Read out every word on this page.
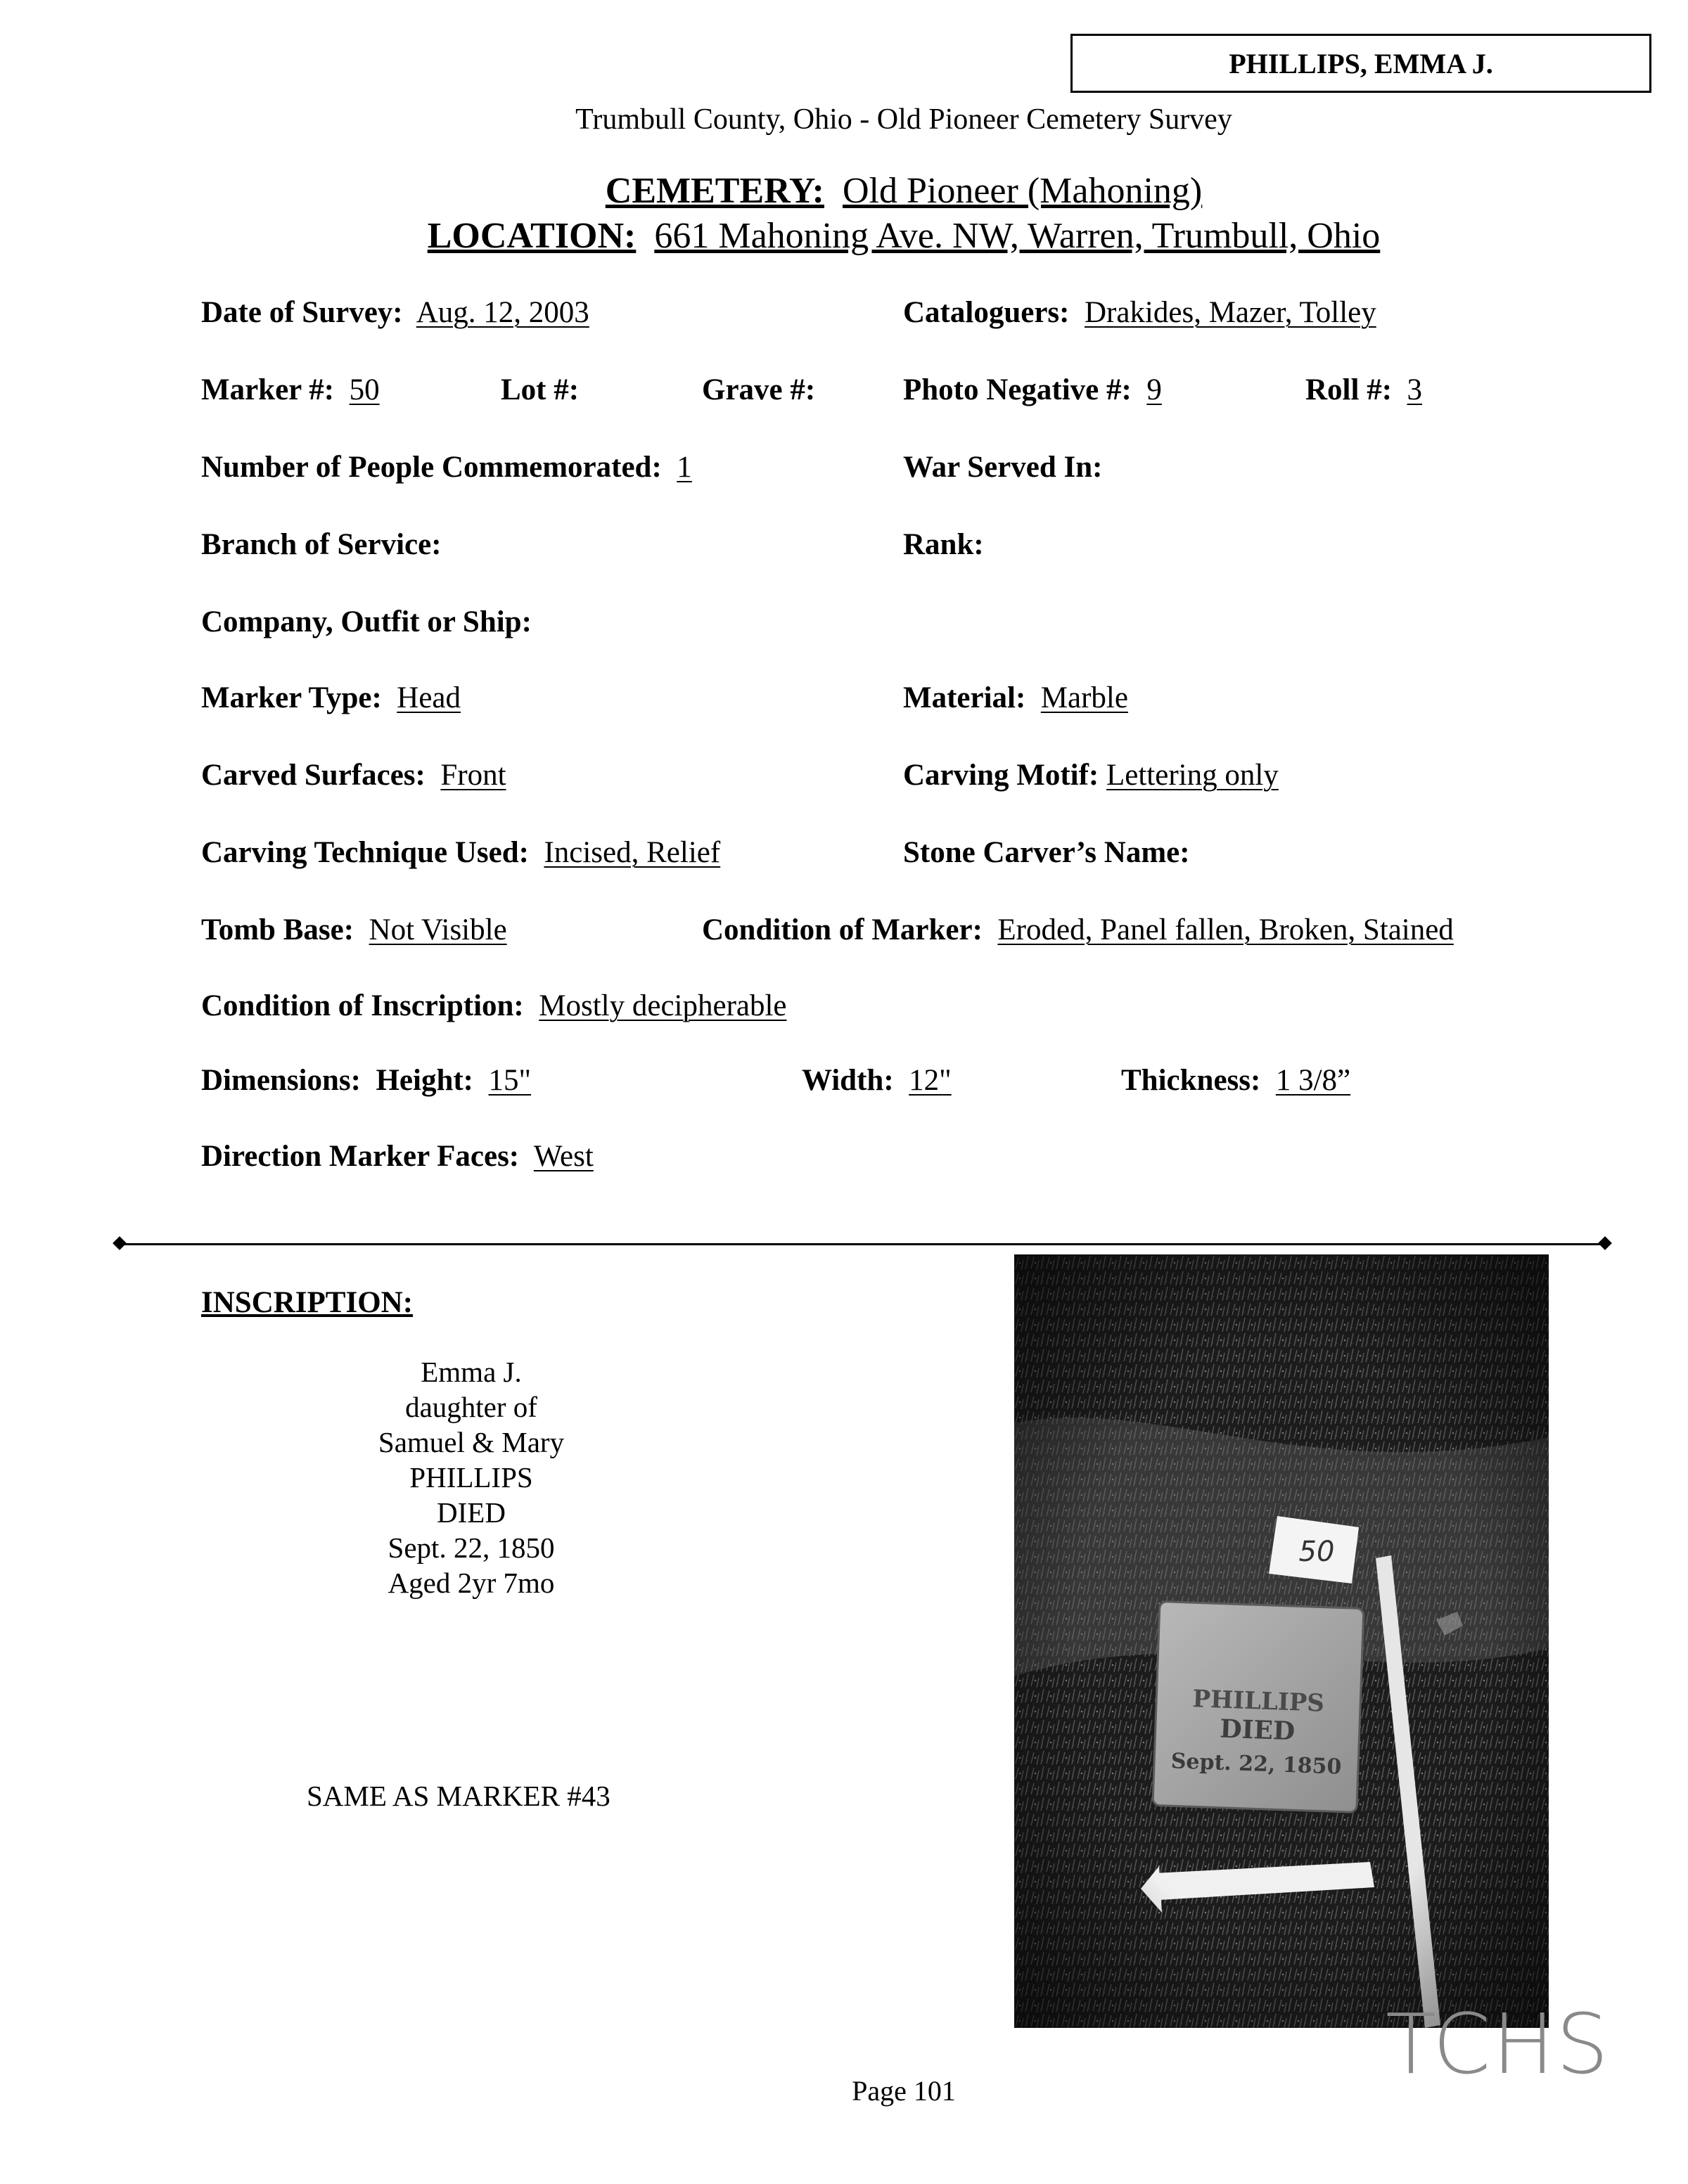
PHILLIPS, EMMA J.
Trumbull County, Ohio - Old Pioneer Cemetery Survey
CEMETERY: Old Pioneer (Mahoning)
LOCATION: 661 Mahoning Ave. NW, Warren, Trumbull, Ohio
Date of Survey: Aug. 12, 2003	Cataloguers: Drakides, Mazer, Tolley
Marker #: 50	Lot #:	Grave #:	Photo Negative #: 9	Roll #: 3
Number of People Commemorated: 1	War Served In:
Branch of Service:	Rank:
Company, Outfit or Ship:
Marker Type: Head	Material: Marble
Carved Surfaces: Front	Carving Motif: Lettering only
Carving Technique Used: Incised, Relief	Stone Carver’s Name:
Tomb Base: Not Visible	Condition of Marker: Eroded, Panel fallen, Broken, Stained
Condition of Inscription: Mostly decipherable
Dimensions: Height: 15"	Width: 12"	Thickness: 1 3/8ˮ
Direction Marker Faces: West
INSCRIPTION:
Emma J.
daughter of
Samuel & Mary
PHILLIPS
DIED
Sept. 22, 1850
Aged 2yr 7mo
SAME AS MARKER #43
TCHS
Page 101
